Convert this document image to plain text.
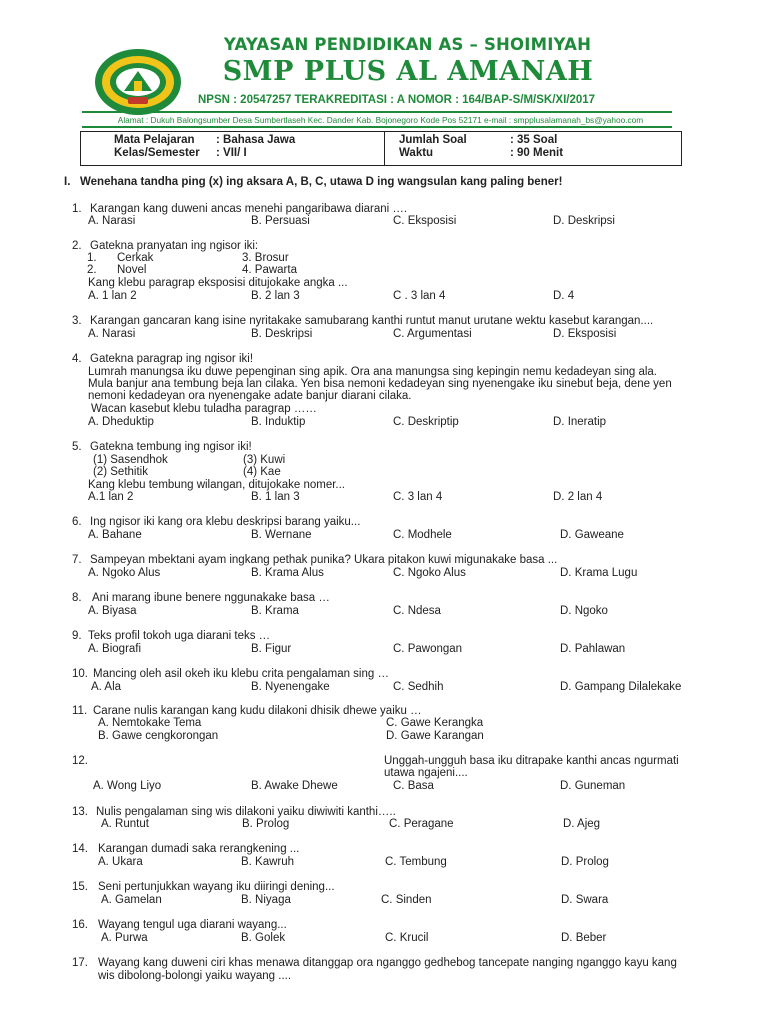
YAYASAN PENDIDIKAN AS – SHOIMIYAH
SMP PLUS AL AMANAH
NPSN : 20547257 TERAKREDITASI : A NOMOR : 164/BAP-S/M/SK/XI/2017
Alamat : Dukuh Balongsumber Desa Sumbertlaseh Kec. Dander Kab. Bojonegoro Kode Pos 52171 e-mail : smpplusalamanah_bs@yahoo.com
Mata Pelajaran : Bahasa Jawa
Kelas/Semester : VII/ I
Jumlah Soal	: 35 Soal
Waktu	: 90 Menit
I. Wenehana tandha ping (x) ing aksara A, B, C, utawa D ing wangsulan kang paling bener!
1. Karangan kang duweni ancas menehi pangaribawa diarani ….
A. Narasi	B. Persuasi	C. Eksposisi	D. Deskripsi
2. Gatekna pranyatan ing ngisor iki:
1. Cerkak	3. Brosur
2. Novel	4. Pawarta
Kang klebu paragrap eksposisi ditujokake angka ...
A. 1 lan 2	B. 2 lan 3	C . 3 lan 4	D. 4
3. Karangan gancaran kang isine nyritakake samubarang kanthi runtut manut urutane wektu kasebut karangan....
A. Narasi	B. Deskripsi	C. Argumentasi	D. Eksposisi
4. Gatekna paragrap ing ngisor iki!
Lumrah manungsa iku duwe pepenginan sing apik. Ora ana manungsa sing kepingin nemu kedadeyan sing ala.
Mula banjur ana tembung beja lan cilaka. Yen bisa nemoni kedadeyan sing nyenengake iku sinebut beja, dene yen
nemoni kedadeyan ora nyenengake adate banjur diarani cilaka.
Wacan kasebut klebu tuladha paragrap ……
A. Dheduktip	B. Induktip	C. Deskriptip	D. Ineratip
5. Gatekna tembung ing ngisor iki!
(1) Sasendhok	(3) Kuwi
(2) Sethitik	(4) Kae
Kang klebu tembung wilangan, ditujokake nomer...
A.1 lan 2	B. 1 lan 3	C. 3 lan 4	D. 2 lan 4
6. Ing ngisor iki kang ora klebu deskripsi barang yaiku...
A. Bahane	B. Wernane	C. Modhele	D. Gaweane
7. Sampeyan mbektani ayam ingkang pethak punika? Ukara pitakon kuwi migunakake basa ...
A. Ngoko Alus	B. Krama Alus	C. Ngoko Alus	D. Krama Lugu
8. Ani marang ibune benere nggunakake basa …
A. Biyasa	B. Krama	C. Ndesa	D. Ngoko
9. Teks profil tokoh uga diarani teks …
A. Biografi	B. Figur	C. Pawongan	D. Pahlawan
10. Mancing oleh asil okeh iku klebu crita pengalaman sing …
A. Ala	B. Nyenengake	C. Sedhih	D. Gampang Dilalekake
11. Carane nulis karangan kang kudu dilakoni dhisik dhewe yaiku …
A. Nemtokake Tema
B. Gawe cengkorongan
C. Gawe Kerangka
D. Gawe Karangan
12.	Unggah-ungguh basa iku ditrapake kanthi ancas ngurmati
utawa ngajeni....
A. Wong Liyo	B. Awake Dhewe	C. Basa	D. Guneman
13. Nulis pengalaman sing wis dilakoni yaiku diwiwiti kanthi…..
A. Runtut	B. Prolog	C. Peragane	D. Ajeg
14. Karangan dumadi saka rerangkening ...
A. Ukara	B. Kawruh	C. Tembung	D. Prolog
15. Seni pertunjukkan wayang iku diiringi dening...
A. Gamelan	B. Niyaga	C. Sinden	D. Swara
16. Wayang tengul uga diarani wayang...
A. Purwa	B. Golek	C. Krucil	D. Beber
17. Wayang kang duweni ciri khas menawa ditanggap ora nganggo gedhebog tancepate nanging nganggo kayu kang
wis dibolong-bolongi yaiku wayang ....
